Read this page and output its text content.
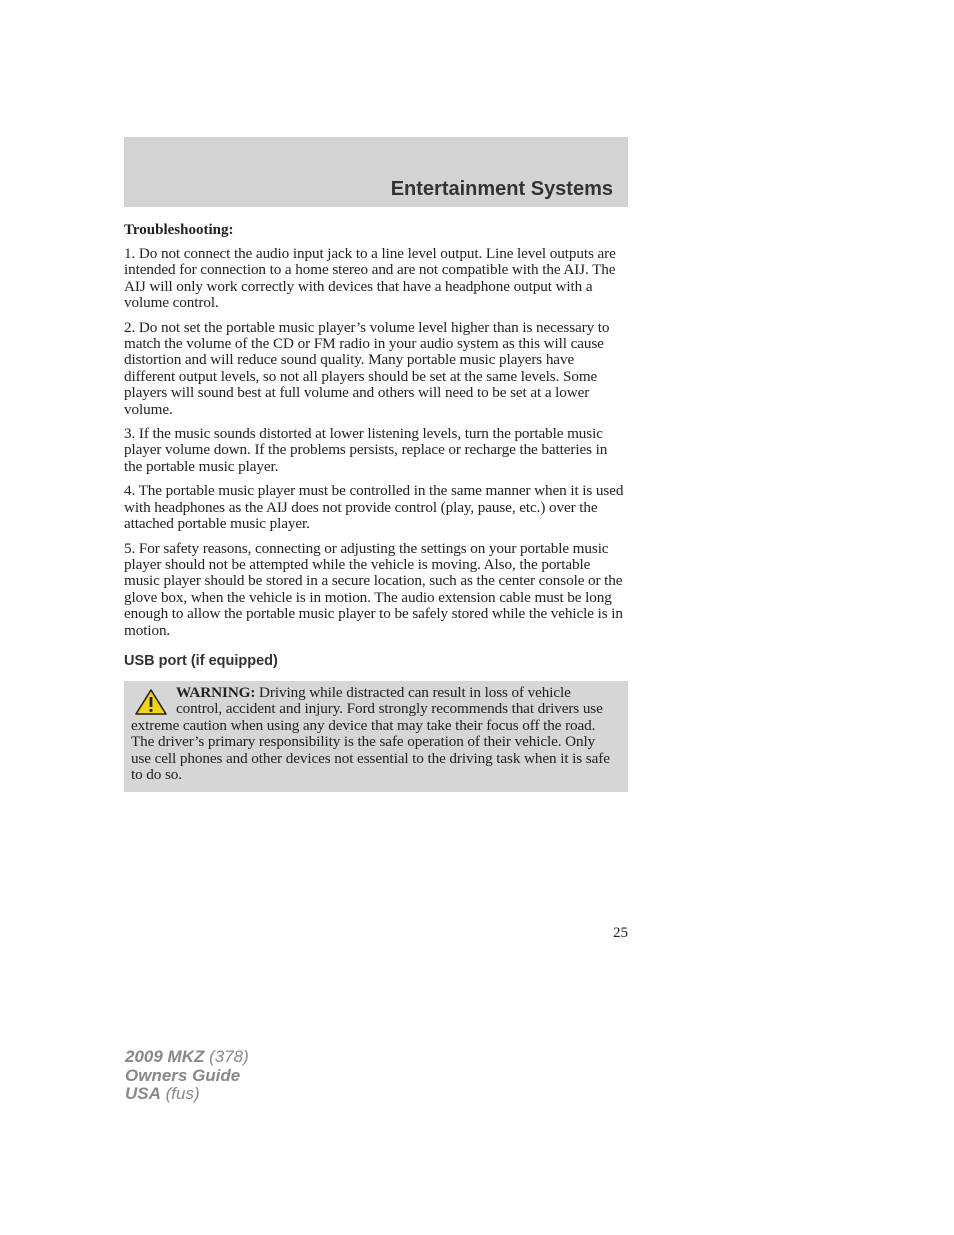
Entertainment Systems

Troubleshooting:

1. Do not connect the audio input jack to a line level output. Line level outputs are intended for connection to a home stereo and are not compatible with the AIJ. The AIJ will only work correctly with devices that have a headphone output with a volume control.

2. Do not set the portable music player’s volume level higher than is necessary to match the volume of the CD or FM radio in your audio system as this will cause distortion and will reduce sound quality. Many portable music players have different output levels, so not all players should be set at the same levels. Some players will sound best at full volume and others will need to be set at a lower volume.

3. If the music sounds distorted at lower listening levels, turn the portable music player volume down. If the problems persists, replace or recharge the batteries in the portable music player.

4. The portable music player must be controlled in the same manner when it is used with headphones as the AIJ does not provide control (play, pause, etc.) over the attached portable music player.

5. For safety reasons, connecting or adjusting the settings on your portable music player should not be attempted while the vehicle is moving. Also, the portable music player should be stored in a secure location, such as the center console or the glove box, when the vehicle is in motion. The audio extension cable must be long enough to allow the portable music player to be safely stored while the vehicle is in motion.

USB port (if equipped)

WARNING: Driving while distracted can result in loss of vehicle control, accident and injury. Ford strongly recommends that drivers use extreme caution when using any device that may take their focus off the road. The driver’s primary responsibility is the safe operation of their vehicle. Only use cell phones and other devices not essential to the driving task when it is safe to do so.

25
2009 MKZ (378)
Owners Guide
USA (fus)
